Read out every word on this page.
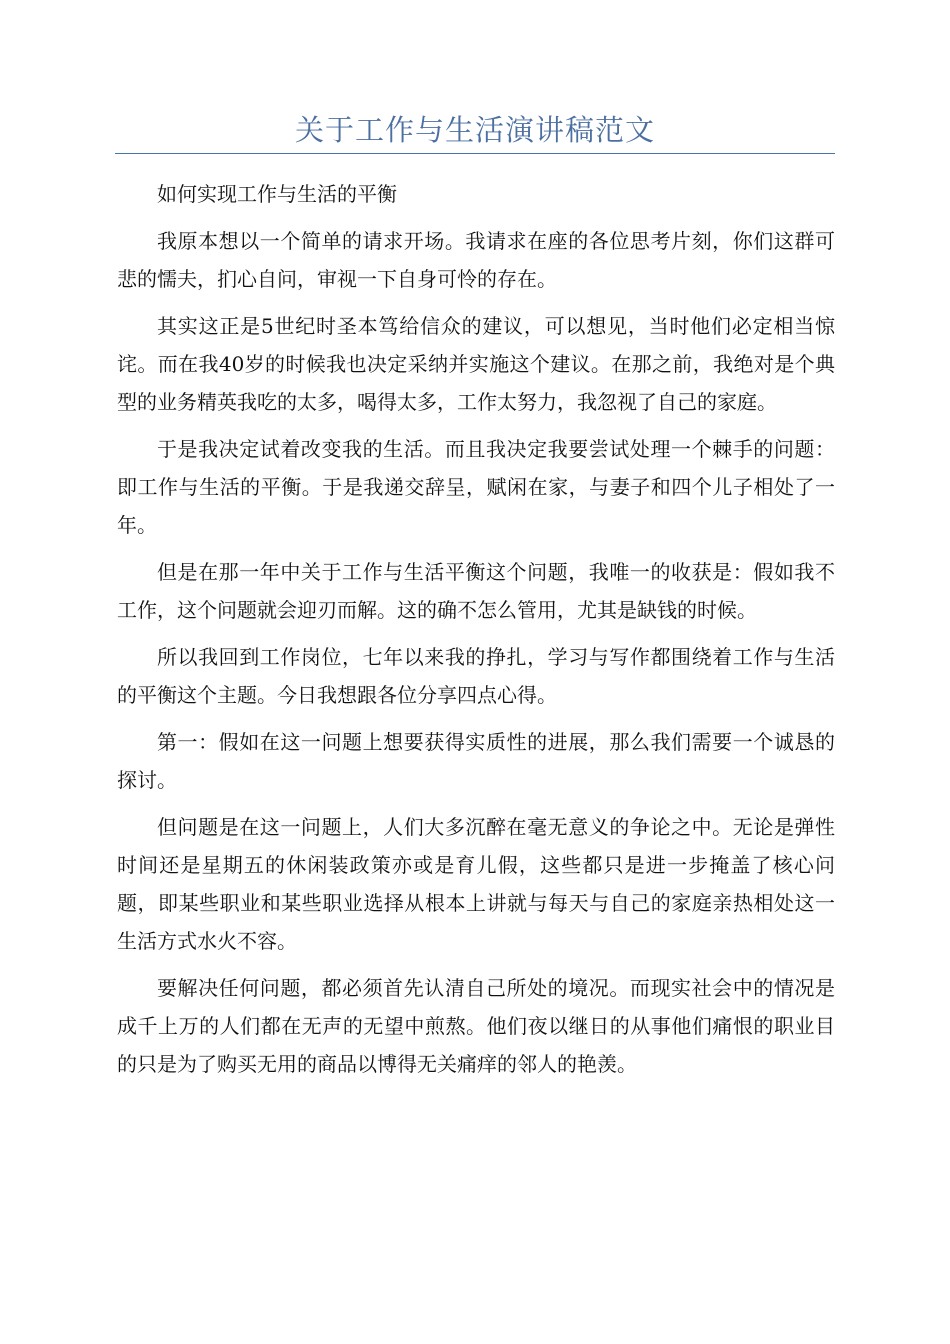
关于工作与生活演讲稿范文

如何实现工作与生活的平衡

我原本想以一个简单的请求开场。我请求在座的各位思考片刻，你们这群可悲的懦夫，扪心自问，审视一下自身可怜的存在。

其实这正是5世纪时圣本笃给信众的建议，可以想见，当时他们必定相当惊诧。而在我40岁的时候我也决定采纳并实施这个建议。在那之前，我绝对是个典型的业务精英我吃的太多，喝得太多，工作太努力，我忽视了自己的家庭。

于是我决定试着改变我的生活。而且我决定我要尝试处理一个棘手的问题：即工作与生活的平衡。于是我递交辞呈，赋闲在家，与妻子和四个儿子相处了一年。

但是在那一年中关于工作与生活平衡这个问题，我唯一的收获是：假如我不工作，这个问题就会迎刃而解。这的确不怎么管用，尤其是缺钱的时候。

所以我回到工作岗位，七年以来我的挣扎，学习与写作都围绕着工作与生活的平衡这个主题。今日我想跟各位分享四点心得。

第一：假如在这一问题上想要获得实质性的进展，那么我们需要一个诚恳的探讨。

但问题是在这一问题上，人们大多沉醉在毫无意义的争论之中。无论是弹性时间还是星期五的休闲装政策亦或是育儿假，这些都只是进一步掩盖了核心问题，即某些职业和某些职业选择从根本上讲就与每天与自己的家庭亲热相处这一生活方式水火不容。

要解决任何问题，都必须首先认清自己所处的境况。而现实社会中的情况是成千上万的人们都在无声的无望中煎熬。他们夜以继日的从事他们痛恨的职业目的只是为了购买无用的商品以博得无关痛痒的邻人的艳羡。
